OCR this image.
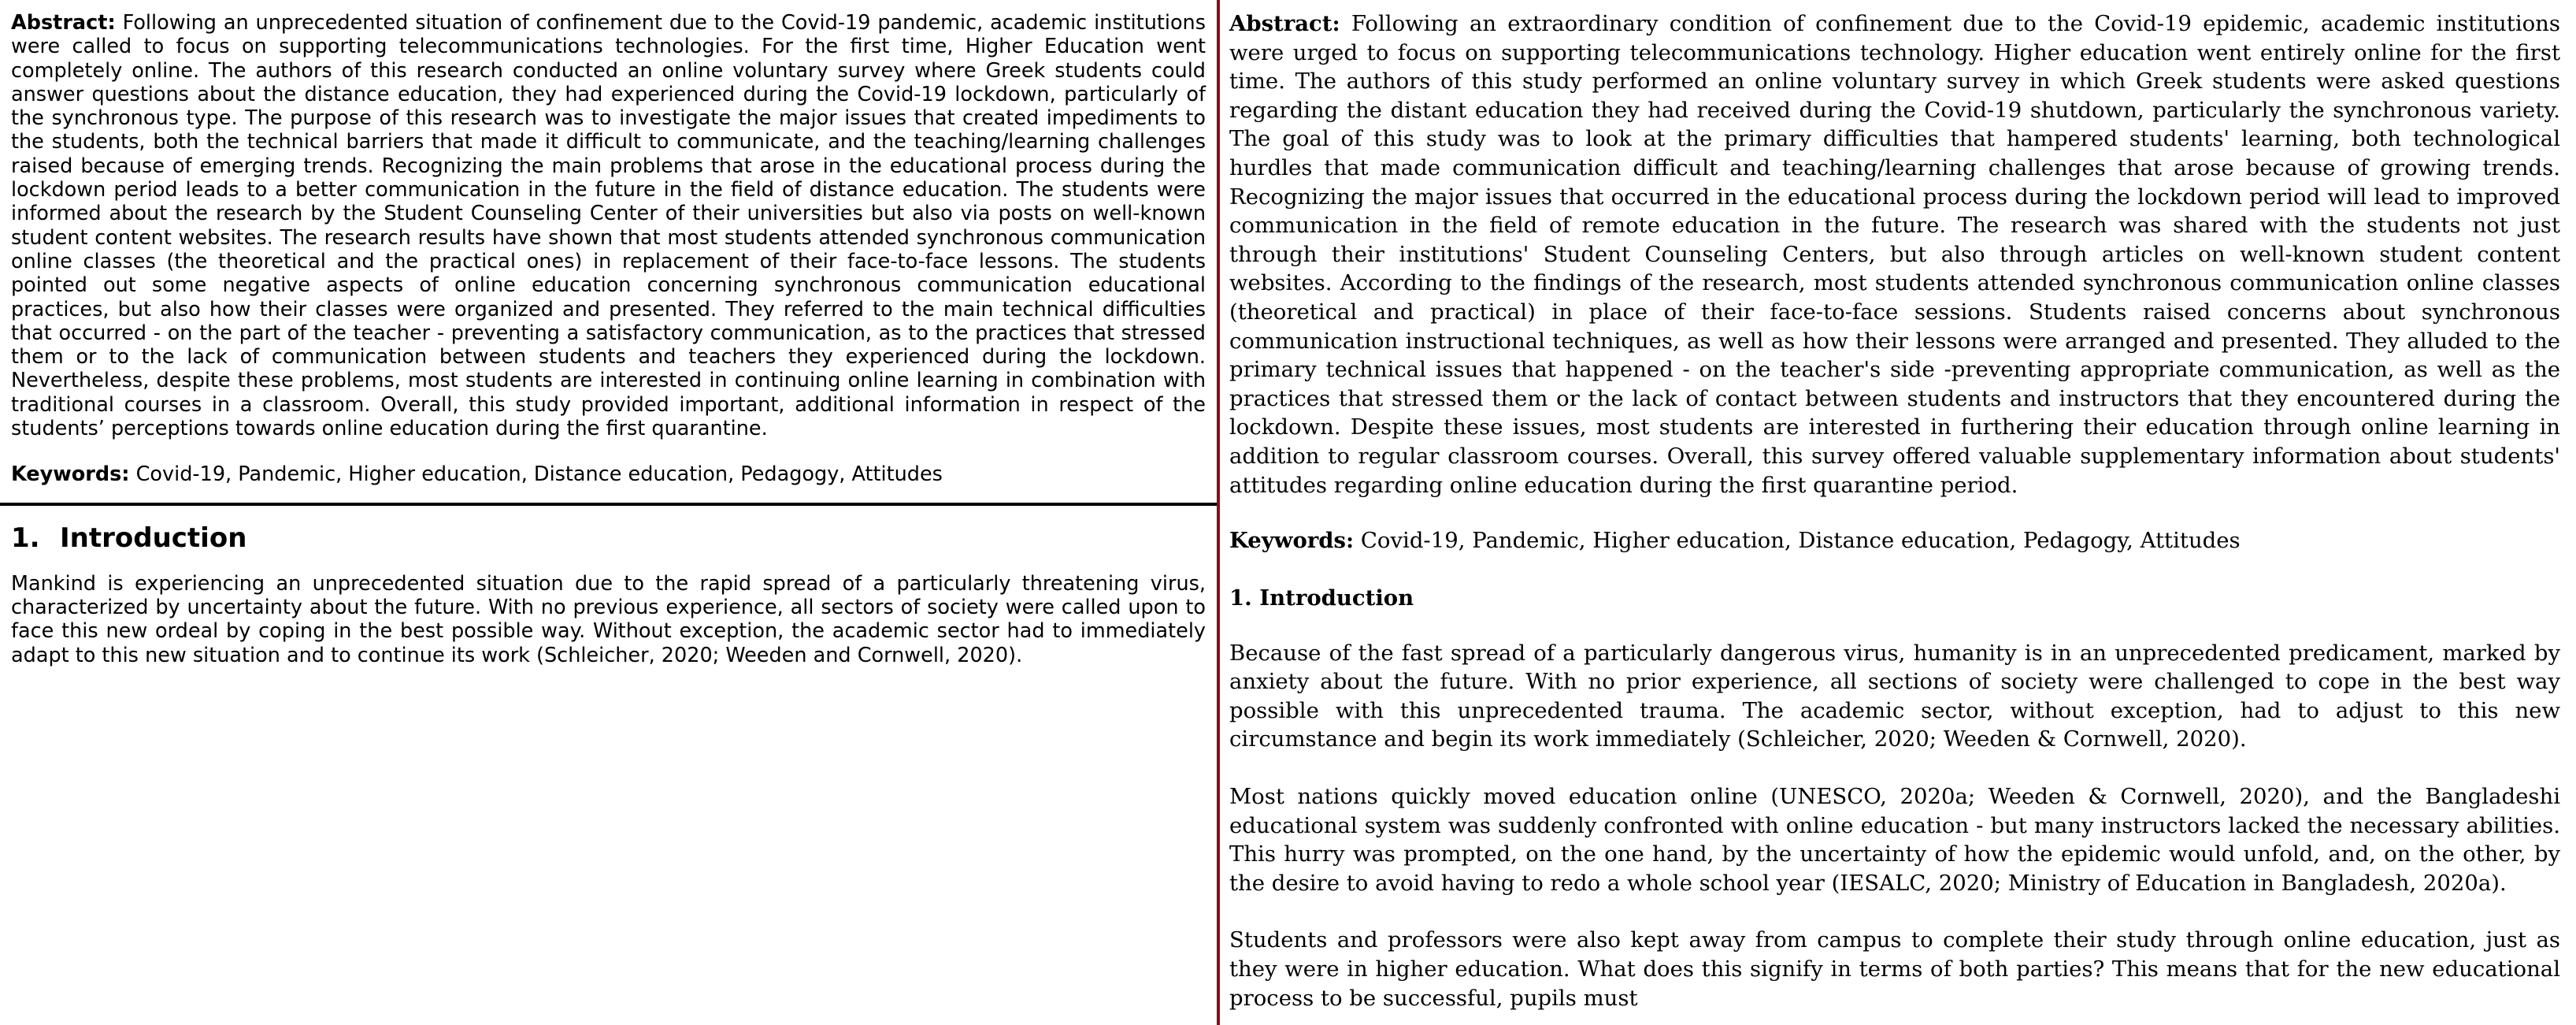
Abstract: Following an unprecedented situation of confinement due to the Covid-19 pandemic, academic institutions were called to focus on supporting telecommunications technologies. For the first time, Higher Education went completely online. The authors of this research conducted an online voluntary survey where Greek students could answer questions about the distance education, they had experienced during the Covid-19 lockdown, particularly of the synchronous type. The purpose of this research was to investigate the major issues that created impediments to the students, both the technical barriers that made it difficult to communicate, and the teaching/learning challenges raised because of emerging trends. Recognizing the main problems that arose in the educational process during the lockdown period leads to a better communication in the future in the field of distance education. The students were informed about the research by the Student Counseling Center of their universities but also via posts on well-known student content websites. The research results have shown that most students attended synchronous communication online classes (the theoretical and the practical ones) in replacement of their face-to-face lessons. The students pointed out some negative aspects of online education concerning synchronous communication educational practices, but also how their classes were organized and presented. They referred to the main technical difficulties that occurred - on the part of the teacher - preventing a satisfactory communication, as to the practices that stressed them or to the lack of communication between students and teachers they experienced during the lockdown. Nevertheless, despite these problems, most students are interested in continuing online learning in combination with traditional courses in a classroom. Overall, this study provided important, additional information in respect of the students’ perceptions towards online education during the first quarantine.

Keywords: Covid-19, Pandemic, Higher education, Distance education, Pedagogy, Attitudes

1. Introduction

Mankind is experiencing an unprecedented situation due to the rapid spread of a particularly threatening virus, characterized by uncertainty about the future. With no previous experience, all sectors of society were called upon to face this new ordeal by coping in the best possible way. Without exception, the academic sector had to immediately adapt to this new situation and to continue its work (Schleicher, 2020; Weeden and Cornwell, 2020).

Abstract: Following an extraordinary condition of confinement due to the Covid-19 epidemic, academic institutions were urged to focus on supporting telecommunications technology. Higher education went entirely online for the first time. The authors of this study performed an online voluntary survey in which Greek students were asked questions regarding the distant education they had received during the Covid-19 shutdown, particularly the synchronous variety. The goal of this study was to look at the primary difficulties that hampered students' learning, both technological hurdles that made communication difficult and teaching/learning challenges that arose because of growing trends. Recognizing the major issues that occurred in the educational process during the lockdown period will lead to improved communication in the field of remote education in the future. The research was shared with the students not just through their institutions' Student Counseling Centers, but also through articles on well-known student content websites. According to the findings of the research, most students attended synchronous communication online classes (theoretical and practical) in place of their face-to-face sessions. Students raised concerns about synchronous communication instructional techniques, as well as how their lessons were arranged and presented. They alluded to the primary technical issues that happened - on the teacher's side -preventing appropriate communication, as well as the practices that stressed them or the lack of contact between students and instructors that they encountered during the lockdown. Despite these issues, most students are interested in furthering their education through online learning in addition to regular classroom courses. Overall, this survey offered valuable supplementary information about students' attitudes regarding online education during the first quarantine period.

Keywords: Covid-19, Pandemic, Higher education, Distance education, Pedagogy, Attitudes

1. Introduction

Because of the fast spread of a particularly dangerous virus, humanity is in an unprecedented predicament, marked by anxiety about the future. With no prior experience, all sections of society were challenged to cope in the best way possible with this unprecedented trauma. The academic sector, without exception, had to adjust to this new circumstance and begin its work immediately (Schleicher, 2020; Weeden & Cornwell, 2020).

Most nations quickly moved education online (UNESCO, 2020a; Weeden & Cornwell, 2020), and the Bangladeshi educational system was suddenly confronted with online education - but many instructors lacked the necessary abilities. This hurry was prompted, on the one hand, by the uncertainty of how the epidemic would unfold, and, on the other, by the desire to avoid having to redo a whole school year (IESALC, 2020; Ministry of Education in Bangladesh, 2020a).

Students and professors were also kept away from campus to complete their study through online education, just as they were in higher education. What does this signify in terms of both parties? This means that for the new educational process to be successful, pupils must
